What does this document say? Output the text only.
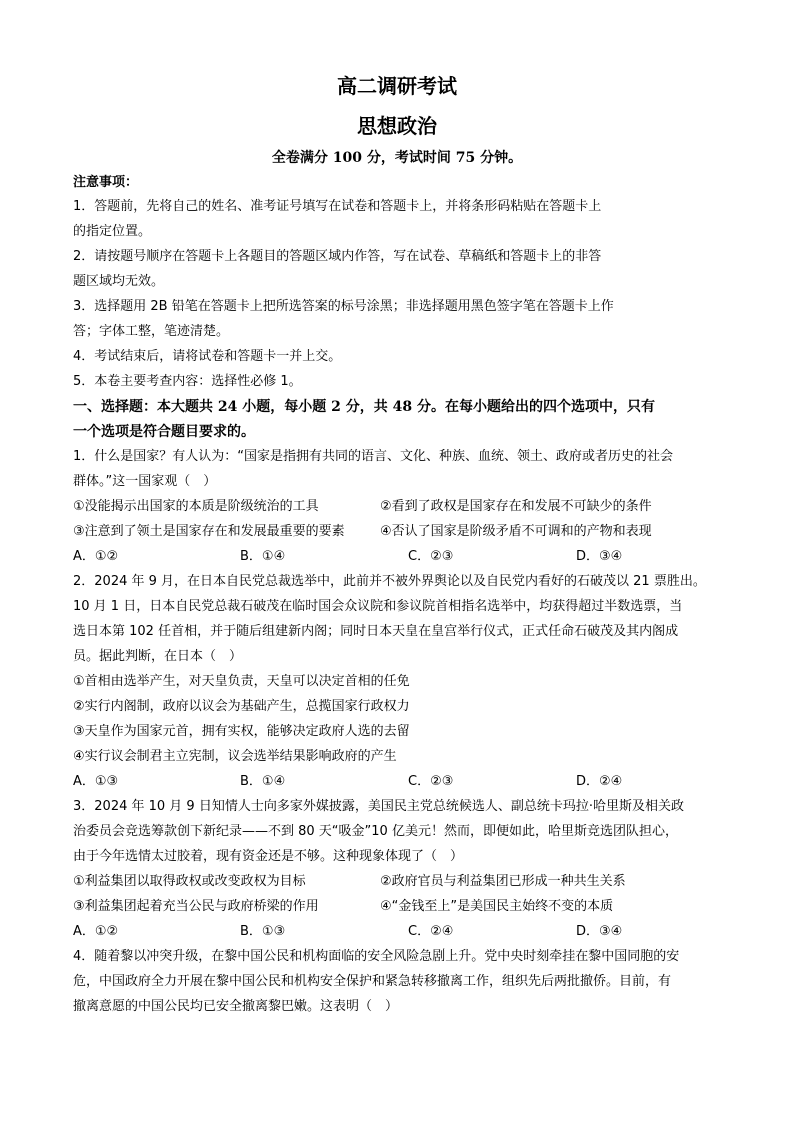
高二调研考试
思想政治
全卷满分 100 分，考试时间 75 分钟。
注意事项：
1．答题前，先将自己的姓名、准考证号填写在试卷和答题卡上，并将条形码粘贴在答题卡上
的指定位置。
2．请按题号顺序在答题卡上各题目的答题区域内作答，写在试卷、草稿纸和答题卡上的非答
题区域均无效。
3．选择题用 2B 铅笔在答题卡上把所选答案的标号涂黑；非选择题用黑色签字笔在答题卡上作
答；字体工整，笔迹清楚。
4．考试结束后，请将试卷和答题卡一并上交。
5．本卷主要考查内容：选择性必修 1。
一、选择题：本大题共 24 小题，每小题 2 分，共 48 分。在每小题给出的四个选项中，只有
一个选项是符合题目要求的。
1．什么是国家？有人认为：“国家是指拥有共同的语言、文化、种族、血统、领土、政府或者历史的社会
群体。”这一国家观（　）
①没能揭示出国家的本质是阶级统治的工具	②看到了政权是国家存在和发展不可缺少的条件
③注意到了领土是国家存在和发展最重要的要素	④否认了国家是阶级矛盾不可调和的产物和表现
A．①②	B．①④	C．②③	D．③④
2．2024 年 9 月，在日本自民党总裁选举中，此前并不被外界舆论以及自民党内看好的石破茂以 21 票胜出。
10 月 1 日，日本自民党总裁石破茂在临时国会众议院和参议院首相指名选举中，均获得超过半数选票，当
选日本第 102 任首相，并于随后组建新内阁；同时日本天皇在皇宫举行仪式，正式任命石破茂及其内阁成
员。据此判断，在日本（　）
①首相由选举产生，对天皇负责，天皇可以决定首相的任免
②实行内阁制，政府以议会为基础产生，总揽国家行政权力
③天皇作为国家元首，拥有实权，能够决定政府人选的去留
④实行议会制君主立宪制，议会选举结果影响政府的产生
A．①③	B．①④	C．②③	D．②④
3．2024 年 10 月 9 日知情人士向多家外媒披露，美国民主党总统候选人、副总统卡玛拉·哈里斯及相关政
治委员会竞选筹款创下新纪录——不到 80 天“吸金”10 亿美元！然而，即便如此，哈里斯竞选团队担心，
由于今年选情太过胶着，现有资金还是不够。这种现象体现了（　）
①利益集团以取得政权或改变政权为目标	②政府官员与利益集团已形成一种共生关系
③利益集团起着充当公民与政府桥梁的作用	④“金钱至上”是美国民主始终不变的本质
A．①②	B．①③	C．②④	D．③④
4．随着黎以冲突升级，在黎中国公民和机构面临的安全风险急剧上升。党中央时刻牵挂在黎中国同胞的安
危，中国政府全力开展在黎中国公民和机构安全保护和紧急转移撤离工作，组织先后两批撤侨。目前，有
撤离意愿的中国公民均已安全撤离黎巴嫩。这表明（　）
